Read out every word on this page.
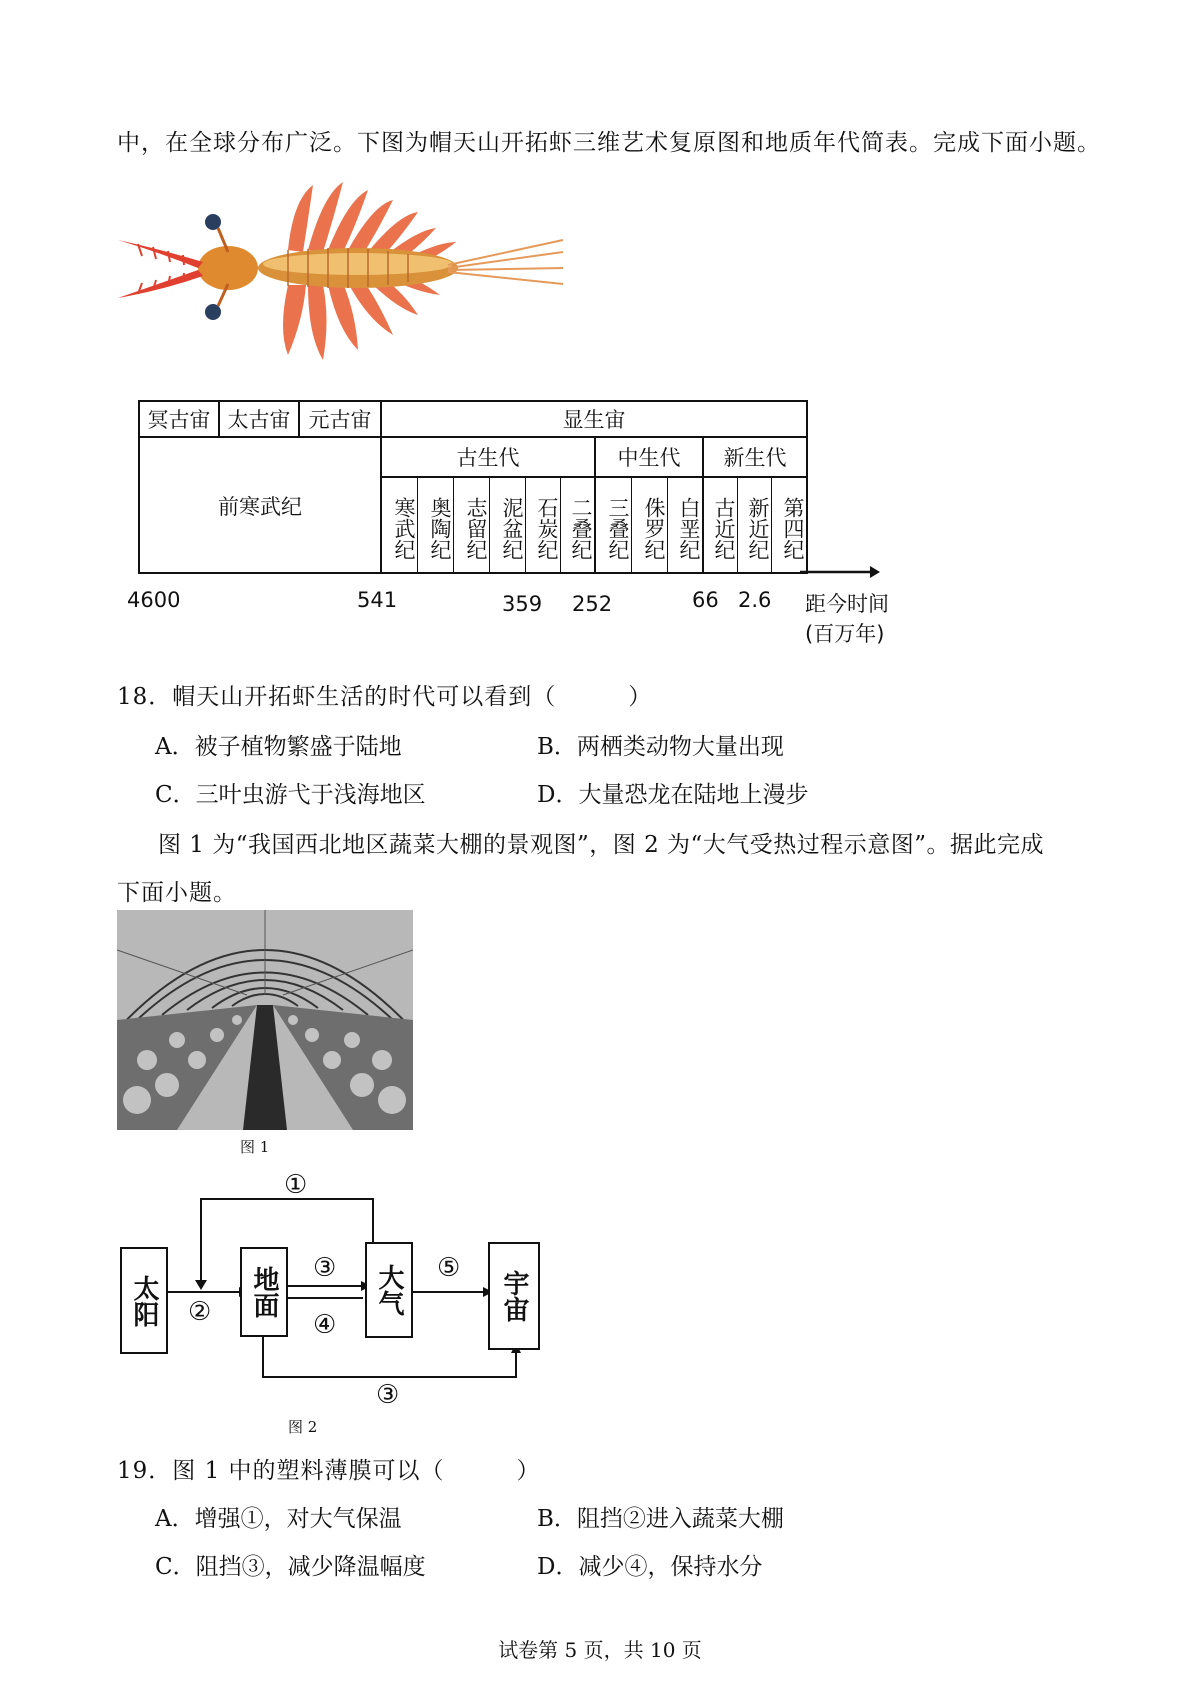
中，在全球分布广泛。下图为帽天山开拓虾三维艺术复原图和地质年代简表。完成下面小题。
冥古宙 太古宙 元古宙	显生宙
前寒武纪
古生代	中生代	新生代
寒武纪 奥陶纪 志留纪 泥盆纪 石炭纪 二叠纪 三叠纪 侏罗纪 白垩纪 古近纪 新近纪 第四纪
4600	541	359 252	66 2.6 距今时间
(百万年)
18．帽天山开拓虾生活的时代可以看到（　　　）
A．被子植物繁盛于陆地	B．两栖类动物大量出现
C．三叶虫游弋于浅海地区	D．大量恐龙在陆地上漫步
图 1 为“我国西北地区蔬菜大棚的景观图”，图 2 为“大气受热过程示意图”。据此完成
下面小题。
图 1
太阳	地面	大气	宇宙
①
②
③
④
⑤
③
图 2
19．图 1 中的塑料薄膜可以（　　　）
A．增强①，对大气保温	B．阻挡②进入蔬菜大棚
C．阻挡③，减少降温幅度	D．减少④，保持水分
试卷第 5 页，共 10 页
